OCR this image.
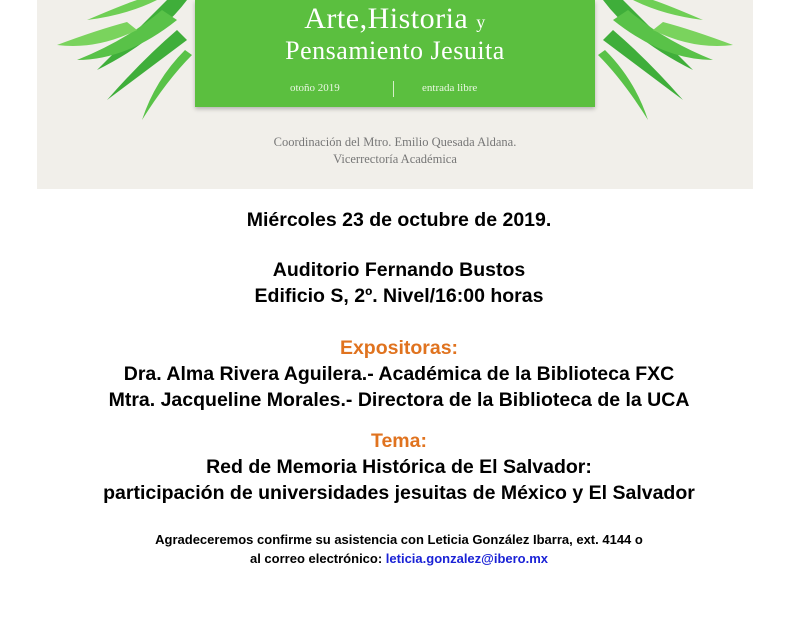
Arte,Historia y
Pensamiento Jesuita
otoño 2019	entrada libre
Coordinación del Mtro. Emilio Quesada Aldana.
Vicerrectoría Académica
Miércoles 23 de octubre de 2019.
Auditorio Fernando Bustos
Edificio S, 2º. Nivel/16:00 horas
Expositoras:
Dra. Alma Rivera Aguilera.- Académica de la Biblioteca FXC
Mtra. Jacqueline Morales.- Directora de la Biblioteca de la UCA
Tema:
Red de Memoria Histórica de El Salvador:
participación de universidades jesuitas de México y El Salvador
Agradeceremos confirme su asistencia con Leticia González Ibarra, ext. 4144 o
al correo electrónico: leticia.gonzalez@ibero.mx
